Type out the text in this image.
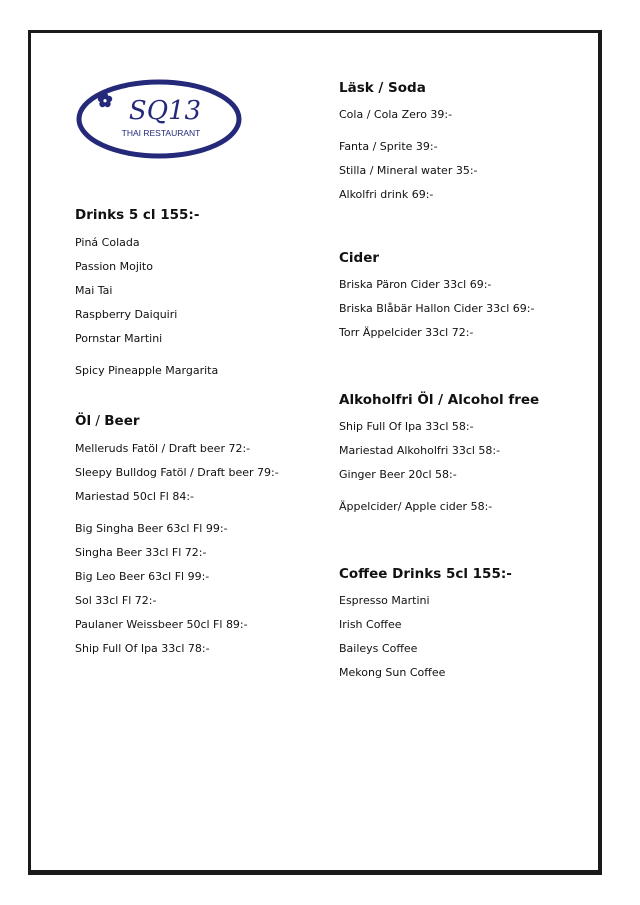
SQ13
THAI RESTAURANT
Drinks 5 cl 155:-
Piná Colada
Passion Mojito
Mai Tai
Raspberry Daiquiri
Pornstar Martini
Spicy Pineapple Margarita
Öl / Beer
Melleruds Fatöl / Draft beer 72:-
Sleepy Bulldog Fatöl / Draft beer 79:-
Mariestad 50cl Fl 84:-
Big Singha Beer 63cl Fl 99:-
Singha Beer 33cl Fl 72:-
Big Leo Beer 63cl Fl 99:-
Sol 33cl Fl 72:-
Paulaner Weissbeer 50cl Fl 89:-
Ship Full Of Ipa 33cl 78:-
Läsk / Soda
Cola / Cola Zero 39:-
Fanta / Sprite 39:-
Stilla / Mineral water 35:-
Alkolfri drink 69:-
Cider
Briska Päron Cider 33cl 69:-
Briska Blåbär Hallon Cider 33cl 69:-
Torr Äppelcider 33cl 72:-
Alkoholfri Öl / Alcohol free
Ship Full Of Ipa 33cl 58:-
Mariestad Alkoholfri 33cl 58:-
Ginger Beer 20cl 58:-
Äppelcider/ Apple cider 58:-
Coffee Drinks 5cl 155:-
Espresso Martini
Irish Coffee
Baileys Coffee
Mekong Sun Coffee
